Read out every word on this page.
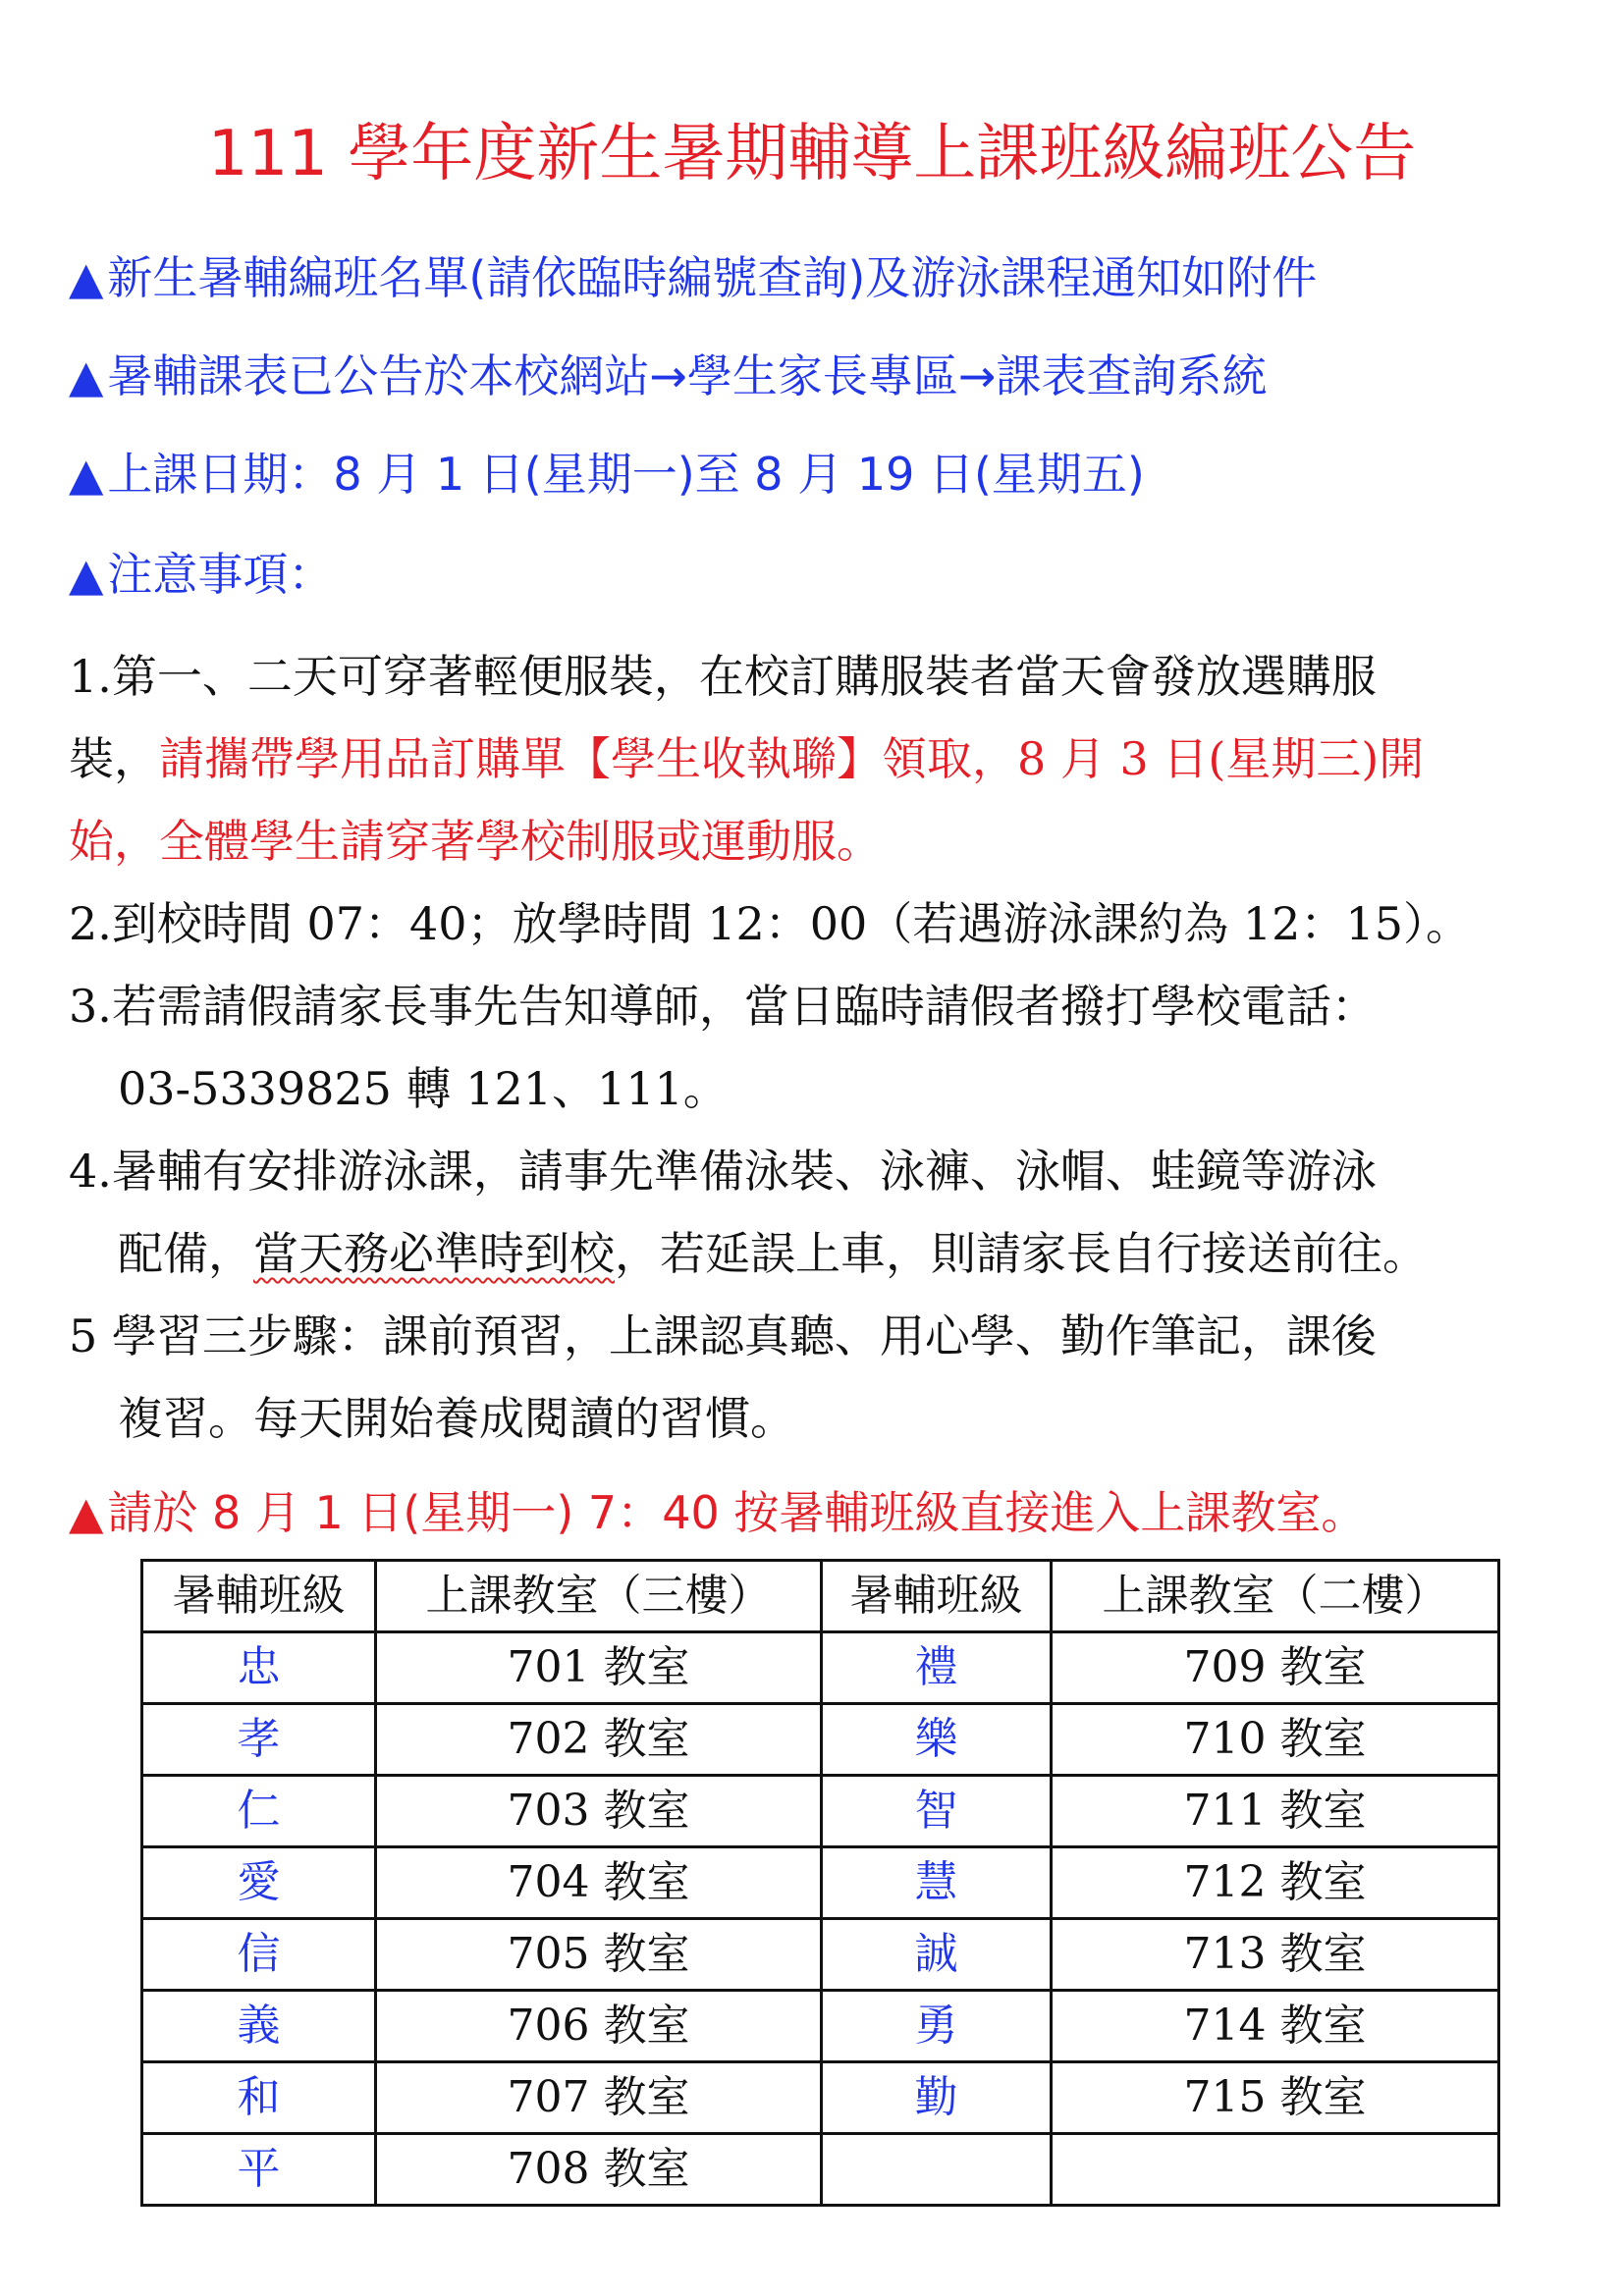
111 學年度新生暑期輔導上課班級編班公告
▲新生暑輔編班名單(請依臨時編號查詢)及游泳課程通知如附件
▲暑輔課表已公告於本校網站→學生家長專區→課表查詢系統
▲上課日期：8 月 1 日(星期一)至 8 月 19 日(星期五)
▲注意事項：
1.第一、二天可穿著輕便服裝，在校訂購服裝者當天會發放選購服
裝，請攜帶學用品訂購單【學生收執聯】領取，8 月 3 日(星期三)開
始，全體學生請穿著學校制服或運動服。
2.到校時間 07：40；放學時間 12：00（若遇游泳課約為 12：15）。
3.若需請假請家長事先告知導師，當日臨時請假者撥打學校電話：
03-5339825 轉 121、111。
4.暑輔有安排游泳課，請事先準備泳裝、泳褲、泳帽、蛙鏡等游泳
配備，當天務必準時到校，若延誤上車，則請家長自行接送前往。
5 學習三步驟：課前預習，上課認真聽、用心學、勤作筆記，課後
複習。每天開始養成閱讀的習慣。
▲請於 8 月 1 日(星期一) 7：40 按暑輔班級直接進入上課教室。
暑輔班級	上課教室（三樓）	暑輔班級	上課教室（二樓）
忠	701 教室	禮	709 教室
孝	702 教室	樂	710 教室
仁	703 教室	智	711 教室
愛	704 教室	慧	712 教室
信	705 教室	誠	713 教室
義	706 教室	勇	714 教室
和	707 教室	勤	715 教室
平	708 教室		
